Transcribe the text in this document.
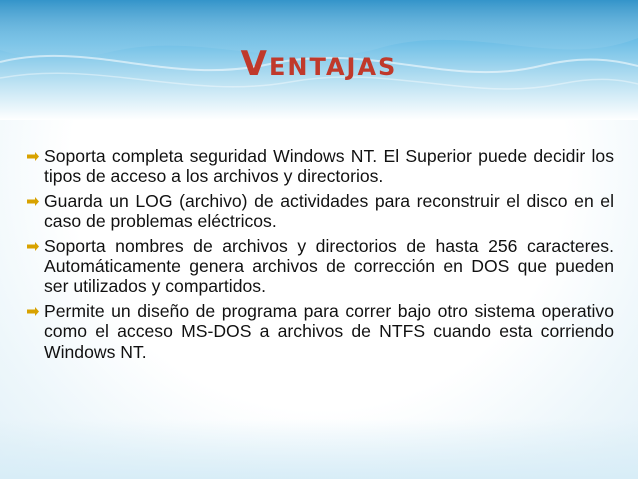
Ventajas

Soporta completa seguridad Windows NT. El Superior puede decidir los tipos de acceso a los archivos y directorios.

Guarda un LOG (archivo) de actividades para reconstruir el disco en el caso de problemas eléctricos.

Soporta nombres de archivos y directorios de hasta 256 caracteres. Automáticamente genera archivos de corrección en DOS que pueden ser utilizados y compartidos.

Permite un diseño de programa para correr bajo otro sistema operativo como el acceso MS-DOS a archivos de NTFS cuando esta corriendo Windows NT.
